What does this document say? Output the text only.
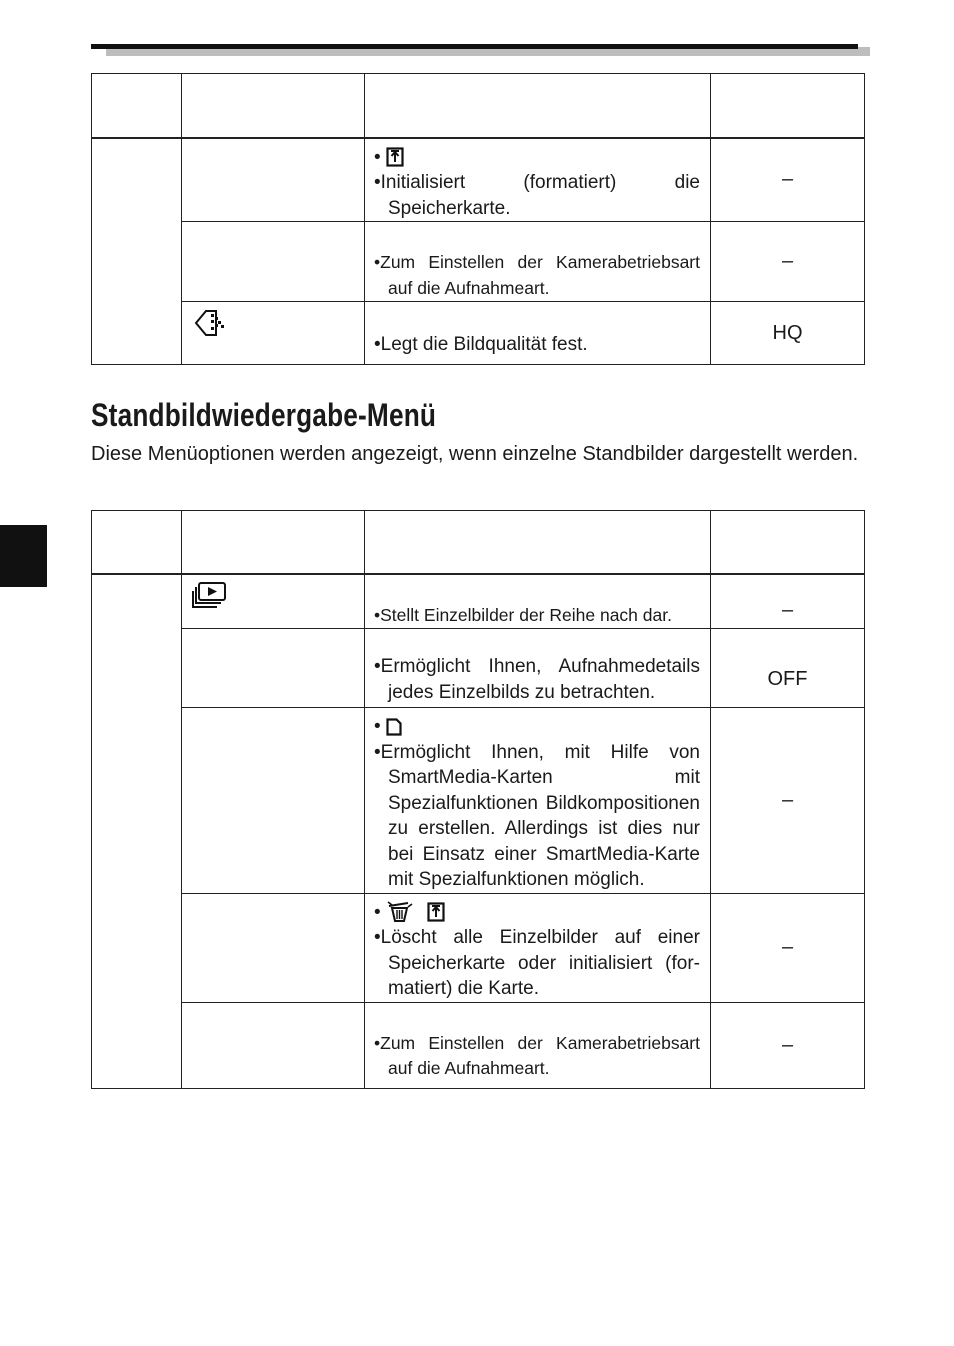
		•
•Initialisiert (formatiert) die Speicherkarte.	–

		•Zum Einstellen der Kamerabetriebsart auf die Aufnahmeart.	–

•Legt die Bildqualität fest.	HQ
Standbildwiedergabe-Menü

Diese Menüoptionen werden angezeigt, wenn einzelne Standbilder dargestellt werden.

•Stellt Einzelbilder der Reihe nach dar.	–

		•Ermöglicht Ihnen, Aufnahmedetails jedes Einzelbilds zu betrachten.	OFF

		•
•Ermöglicht Ihnen, mit Hilfe von SmartMedia-Karten mit Spezialfunktionen Bildkompositionen zu erstellen. Allerdings ist dies nur bei Einsatz einer SmartMedia-Karte mit Spezialfunktionen möglich.	–

		•
•Löscht alle Einzelbilder auf einer Speicherkarte oder initialisiert (for-matiert) die Karte.	–

		•Zum Einstellen der Kamerabetriebsart auf die Aufnahmeart.	–
